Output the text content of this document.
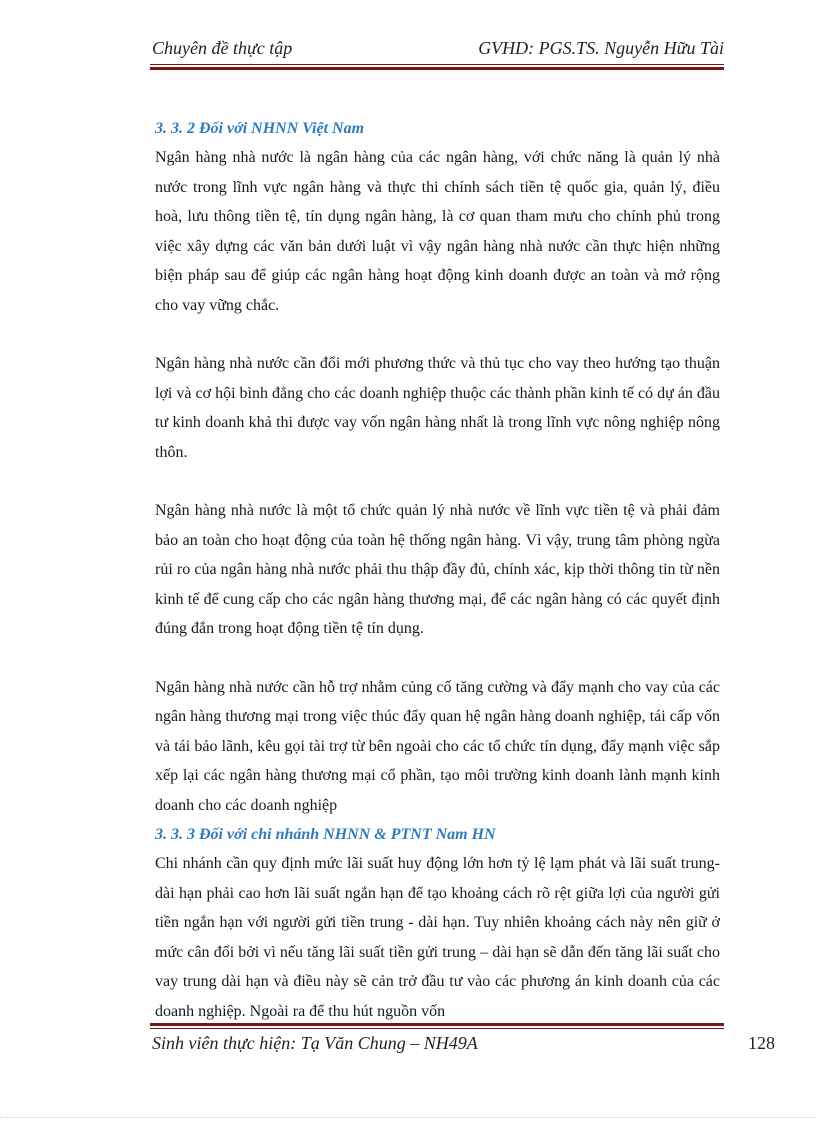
Chuyên đề thực tập	GVHD: PGS.TS. Nguyễn Hữu Tài
3. 3. 2 Đối với NHNN Việt Nam

Ngân hàng nhà nước là ngân hàng của các ngân hàng, với chức năng là quản lý nhà nước trong lĩnh vực ngân hàng và thực thi chính sách tiền tệ quốc gia, quản lý, điều hoà, lưu thông tiền tệ, tín dụng ngân hàng, là cơ quan tham mưu cho chính phủ trong việc xây dựng các văn bản dưới luật vì vậy ngân hàng nhà nước cần thực hiện những biện pháp sau để giúp các ngân hàng hoạt động kinh doanh được an toàn và mở rộng cho vay vững chắc.

Ngân hàng nhà nước cần đổi mới phương thức và thủ tục cho vay theo hướng tạo thuận lợi và cơ hội bình đẳng cho các doanh nghiệp thuộc các thành phần kinh tế có dự án đầu tư kinh doanh khả thi được vay vốn ngân hàng nhất là trong lĩnh vực nông nghiệp nông thôn.

Ngân hàng nhà nước là một tổ chức quản lý nhà nước về lĩnh vực tiền tệ và phải đảm bảo an toàn cho hoạt động của toàn hệ thống ngân hàng. Vì vậy, trung tâm phòng ngừa rủi ro của ngân hàng nhà nước phải thu thập đầy đủ, chính xác, kịp thời thông tin từ nền kinh tế để cung cấp cho các ngân hàng thương mại, để các ngân hàng có các quyết định đúng đắn trong hoạt động tiền tệ tín dụng.

Ngân hàng nhà nước cần hỗ trợ nhằm củng cố tăng cường và đẩy mạnh cho vay của các ngân hàng thương mại trong việc thúc đẩy quan hệ ngân hàng doanh nghiệp, tái cấp vốn và tái bảo lãnh, kêu gọi tài trợ từ bên ngoài cho các tổ chức tín dụng, đẩy mạnh việc sắp xếp lại các ngân hàng thương mại cổ phần, tạo môi trường kinh doanh lành mạnh kinh doanh cho các doanh nghiệp

3. 3. 3 Đối với chi nhánh NHNN & PTNT Nam HN

Chi nhánh cần quy định mức lãi suất huy động lớn hơn tỷ lệ lạm phát và lãi suất trung- dài hạn phải cao hơn lãi suất ngắn hạn để tạo khoảng cách rõ rệt giữa lợi của người gửi tiền ngắn hạn với người gửi tiền trung - dài hạn. Tuy nhiên khoảng cách này nên giữ ở mức cân đối bởi vì nếu tăng lãi suất tiền gửi trung – dài hạn sẽ dẫn đến tăng lãi suất cho vay trung dài hạn và điều này sẽ cản trở đầu tư vào các phương án kinh doanh của các doanh nghiệp. Ngoài ra để thu hút nguồn vốn

Sinh viên thực hiện: Tạ Văn Chung – NH49A	128
